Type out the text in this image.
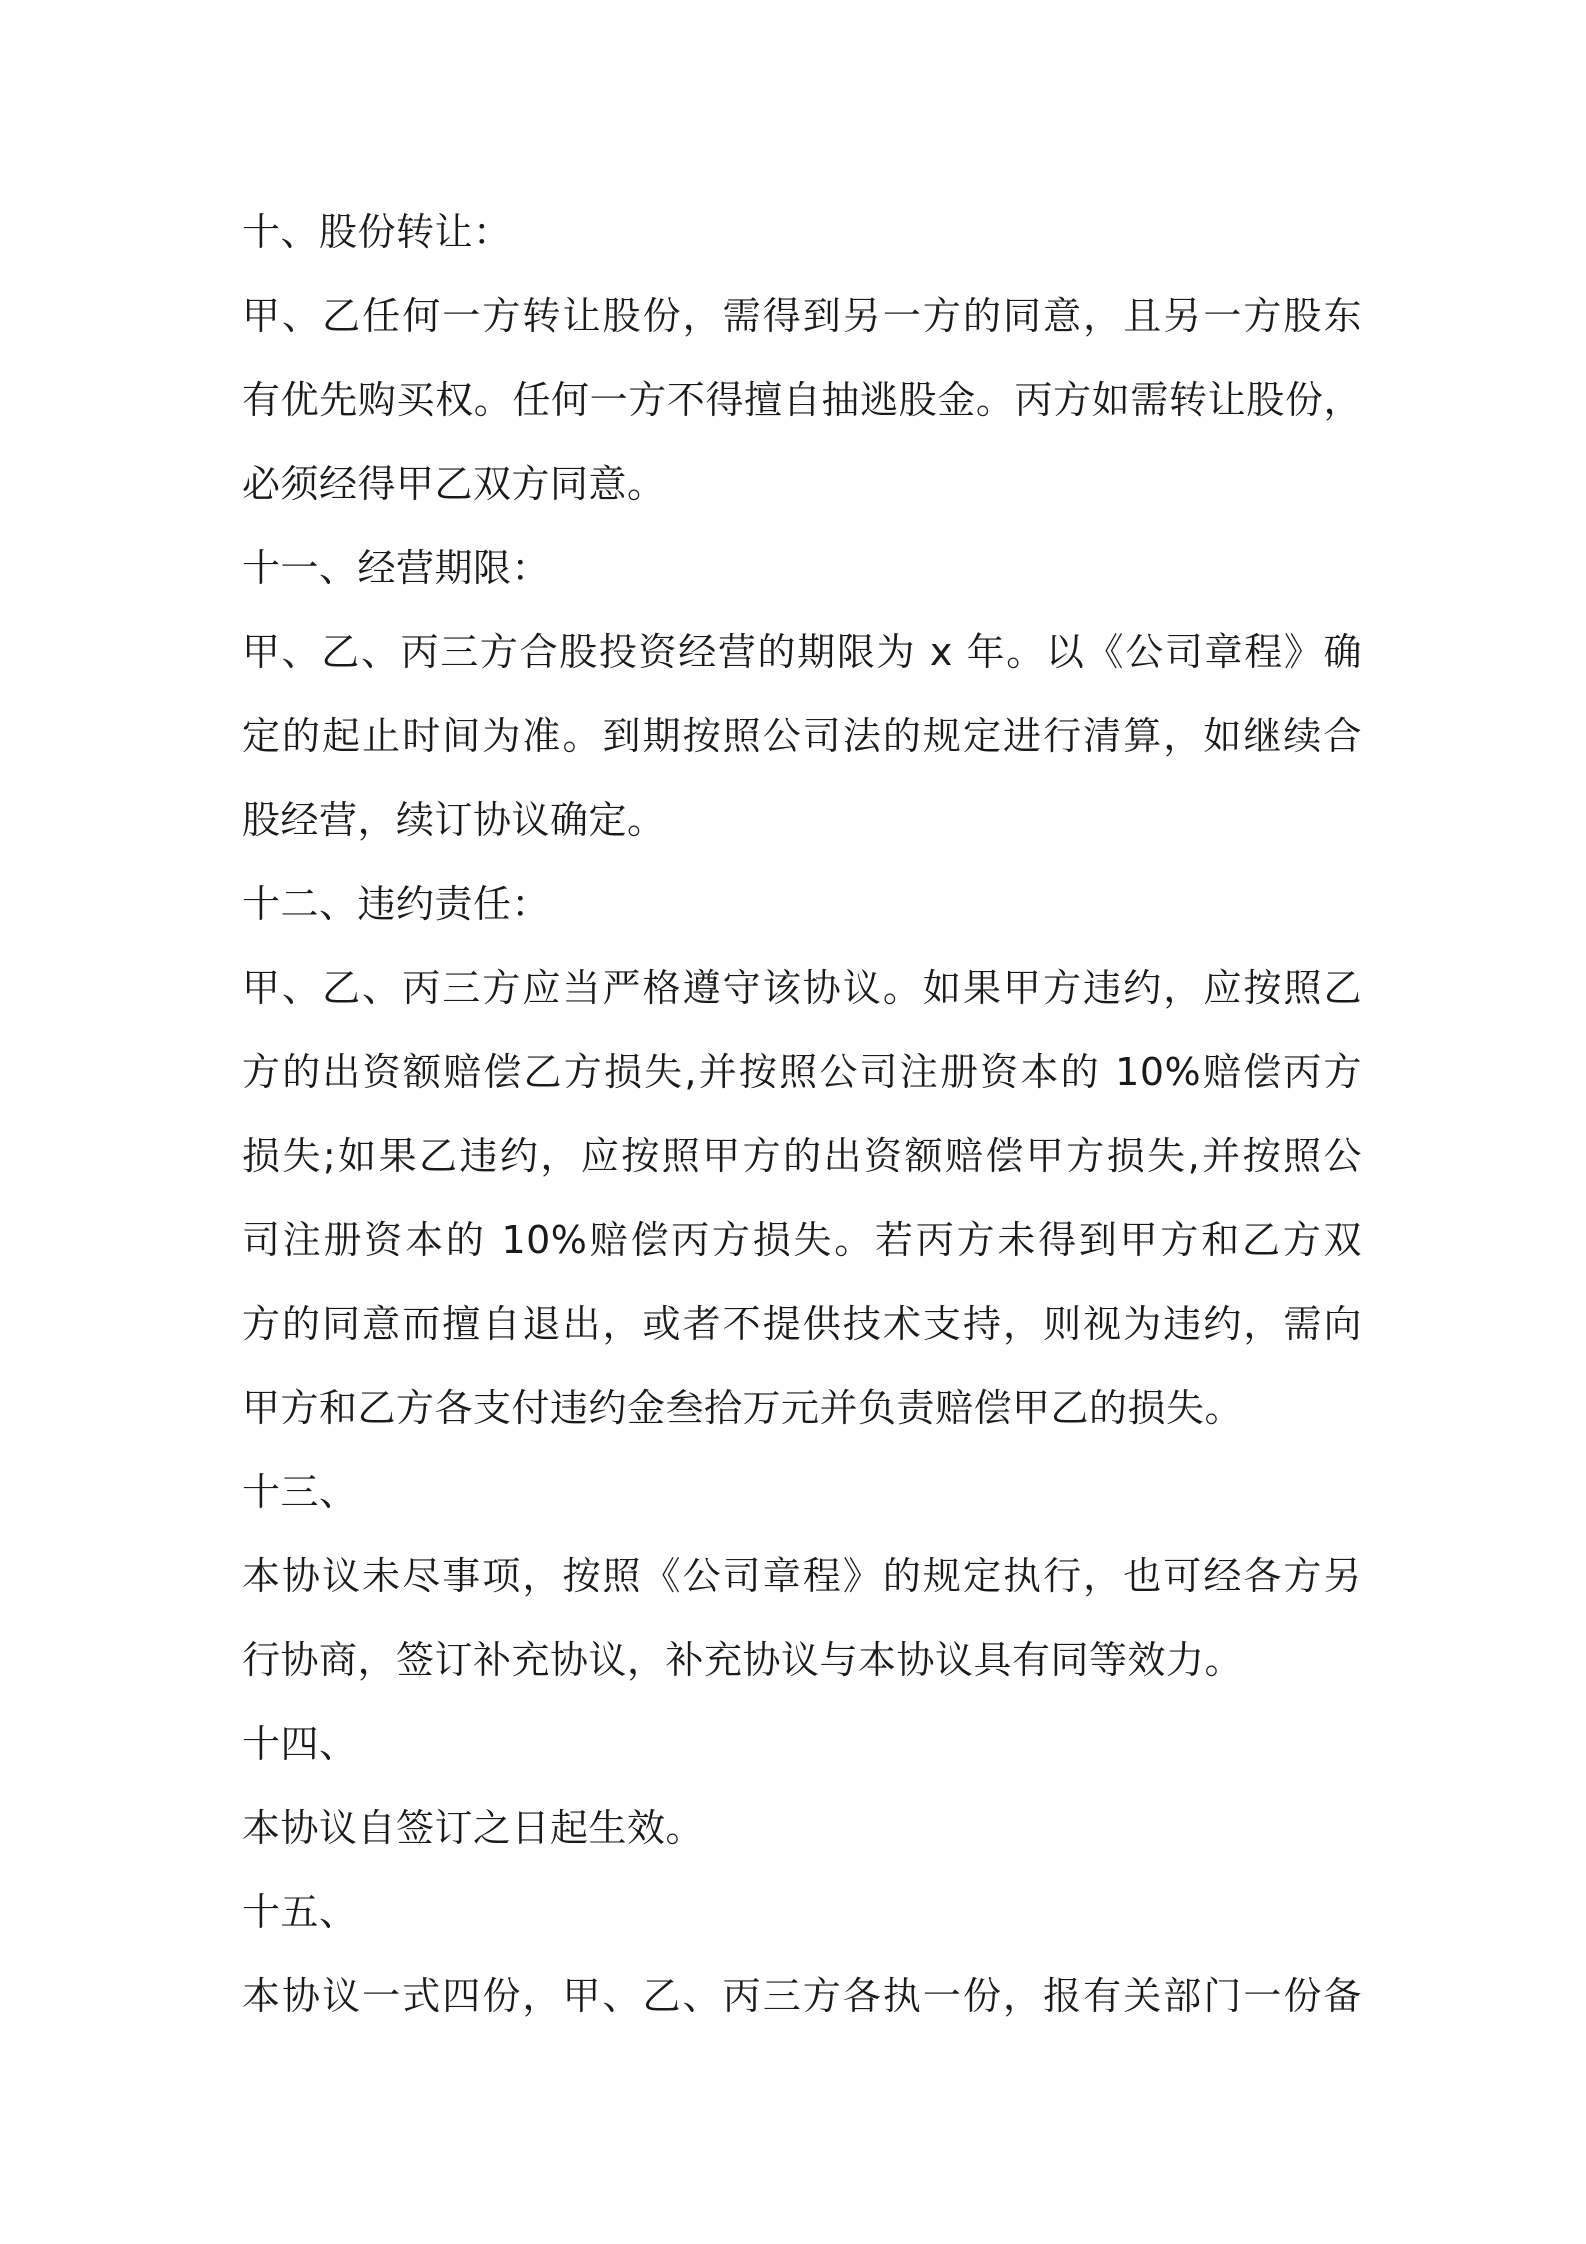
十、股份转让：
甲、乙任何一方转让股份，需得到另一方的同意，且另一方股东
有优先购买权。任何一方不得擅自抽逃股金。丙方如需转让股份，
必须经得甲乙双方同意。
十一、经营期限：
甲、乙、丙三方合股投资经营的期限为 x 年。以《公司章程》确
定的起止时间为准。到期按照公司法的规定进行清算，如继续合
股经营，续订协议确定。
十二、违约责任：
甲、乙、丙三方应当严格遵守该协议。如果甲方违约，应按照乙
方的出资额赔偿乙方损失,并按照公司注册资本的 10%赔偿丙方
损失;如果乙违约，应按照甲方的出资额赔偿甲方损失,并按照公
司注册资本的 10%赔偿丙方损失。若丙方未得到甲方和乙方双
方的同意而擅自退出，或者不提供技术支持，则视为违约，需向
甲方和乙方各支付违约金叁拾万元并负责赔偿甲乙的损失。
十三、
本协议未尽事项，按照《公司章程》的规定执行，也可经各方另
行协商，签订补充协议，补充协议与本协议具有同等效力。
十四、
本协议自签订之日起生效。
十五、
本协议一式四份，甲、乙、丙三方各执一份，报有关部门一份备
